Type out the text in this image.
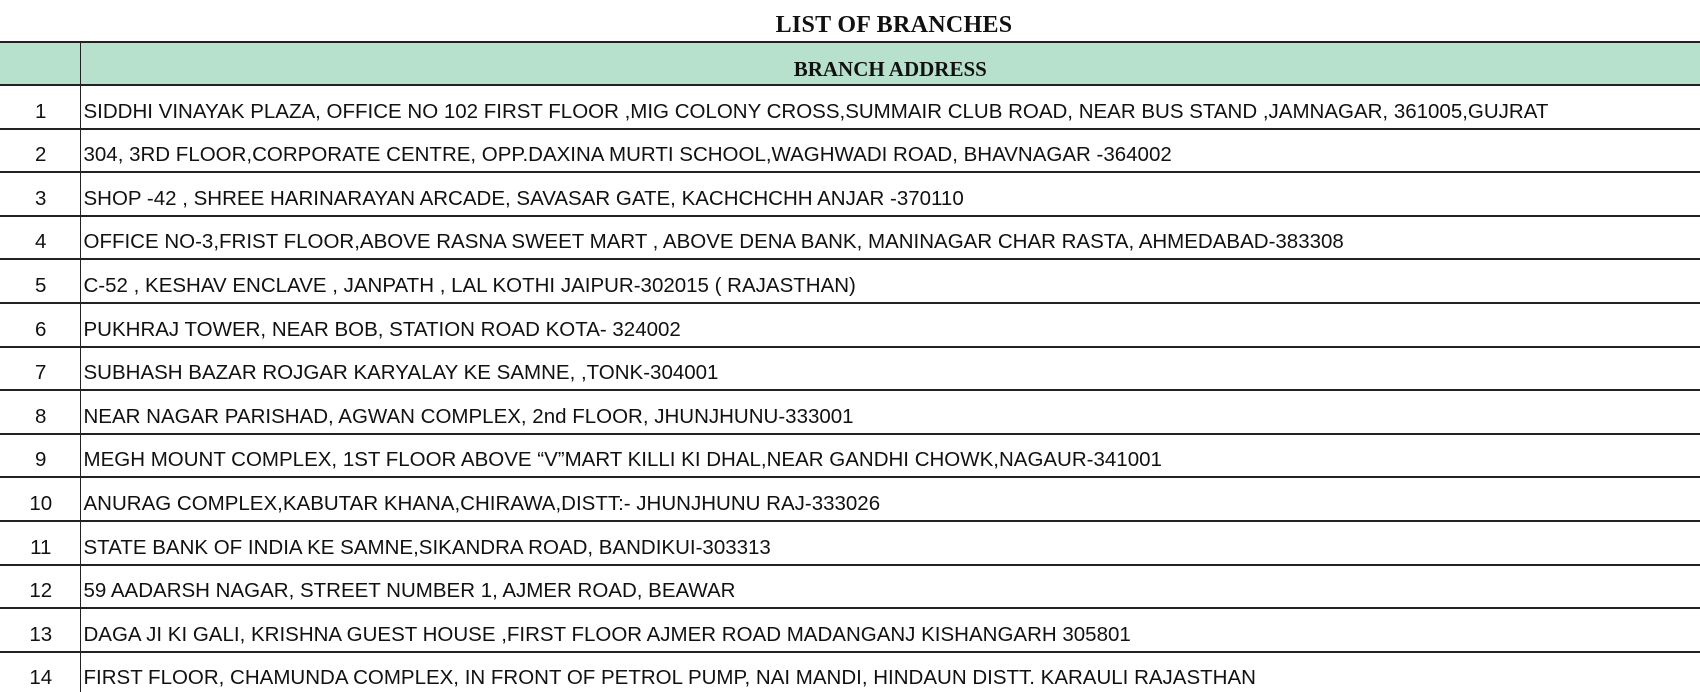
LIST OF BRANCHES
	BRANCH ADDRESS
1	SIDDHI VINAYAK PLAZA, OFFICE NO 102 FIRST FLOOR ,MIG COLONY CROSS,SUMMAIR CLUB ROAD, NEAR BUS STAND ,JAMNAGAR, 361005,GUJRAT
2	304, 3RD FLOOR,CORPORATE CENTRE, OPP.DAXINA MURTI SCHOOL,WAGHWADI ROAD, BHAVNAGAR -364002
3	SHOP -42 , SHREE HARINARAYAN ARCADE, SAVASAR GATE, KACHCHCHH ANJAR -370110
4	OFFICE NO-3,FRIST FLOOR,ABOVE RASNA SWEET MART , ABOVE DENA BANK, MANINAGAR CHAR RASTA, AHMEDABAD-383308
5	C-52 , KESHAV ENCLAVE , JANPATH , LAL KOTHI JAIPUR-302015 ( RAJASTHAN)
6	PUKHRAJ TOWER, NEAR BOB, STATION ROAD KOTA- 324002
7	SUBHASH BAZAR ROJGAR KARYALAY KE SAMNE, ,TONK-304001
8	NEAR NAGAR PARISHAD, AGWAN COMPLEX, 2nd FLOOR, JHUNJHUNU-333001
9	MEGH MOUNT COMPLEX, 1ST FLOOR ABOVE “V”MART KILLI KI DHAL,NEAR GANDHI CHOWK,NAGAUR-341001
10	ANURAG COMPLEX,KABUTAR KHANA,CHIRAWA,DISTT:- JHUNJHUNU RAJ-333026
11	STATE BANK OF INDIA KE SAMNE,SIKANDRA ROAD, BANDIKUI-303313
12	59 AADARSH NAGAR, STREET NUMBER 1, AJMER ROAD, BEAWAR
13	DAGA JI KI GALI, KRISHNA GUEST HOUSE ,FIRST FLOOR AJMER ROAD MADANGANJ KISHANGARH 305801
14	FIRST FLOOR, CHAMUNDA COMPLEX, IN FRONT OF PETROL PUMP, NAI MANDI, HINDAUN DISTT. KARAULI RAJASTHAN
